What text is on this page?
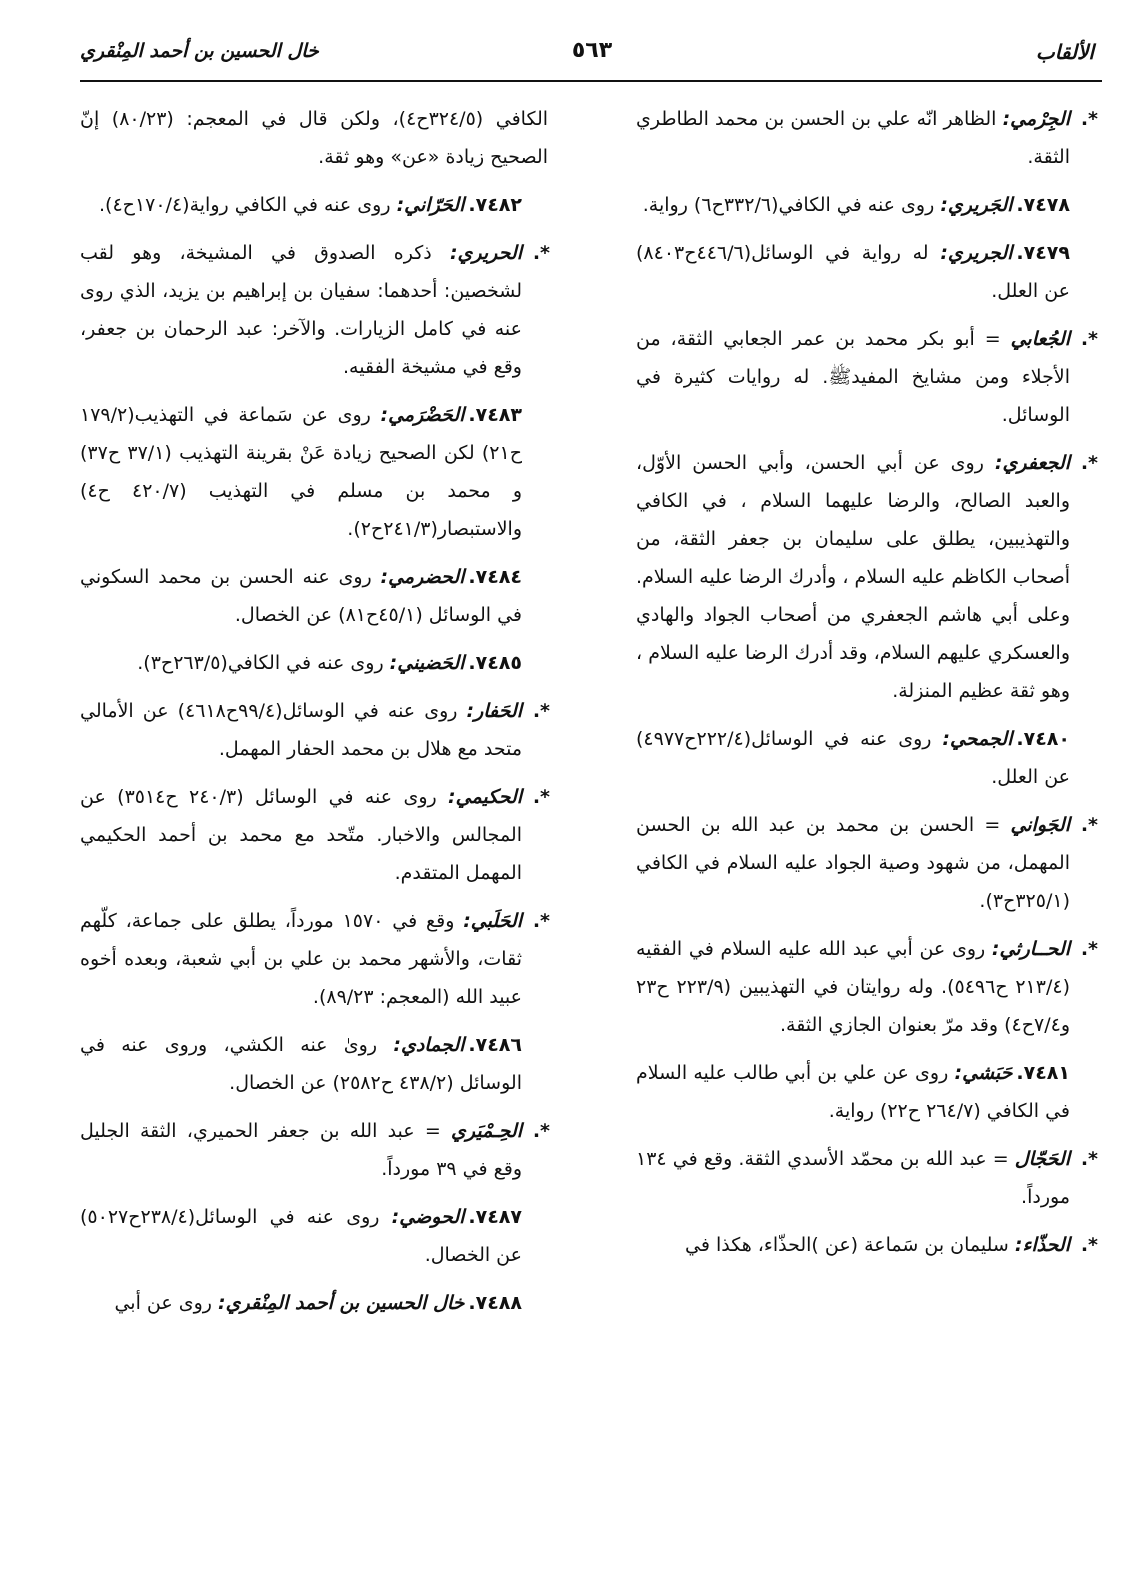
الألقاب
٥٦٣
خال الحسين بن أحمد المِنْقري
*.
الجِرْمي: الظاهر انّه علي بن الحسن بن محمد الطاطري الثقة.
٧٤٧٨.الجَريري: روى عنه في الكافي(٣٣٢/٦ح٦) رواية.
٧٤٧٩.الجريري: له رواية في الوسائل(٤٤٦/٦ح٨٤٠٣) عن العلل.
*.
الجُعابي = أبو بكر محمد بن عمر الجعابي الثقة، من الأجلاء ومن مشايخ المفيدﷺ. له روايات كثيرة في الوسائل.
*.
الجعفري: روى عن أبي الحسن، وأبي الحسن الأوّل، والعبد الصالح، والرضا عليهما السلام ، في الكافي والتهذيبين، يطلق على سليمان بن جعفر الثقة، من أصحاب الكاظم عليه السلام ، وأدرك الرضا عليه السلام. وعلى أبي هاشم الجعفري من أصحاب الجواد والهادي والعسكري عليهم السلام، وقد أدرك الرضا عليه السلام ، وهو ثقة عظيم المنزلة.
٧٤٨٠.الجمحي: روى عنه في الوسائل(٢٢٢/٤ح٤٩٧٧) عن العلل.
*.
الجَواني = الحسن بن محمد بن عبد الله بن الحسن المهمل، من شهود وصية الجواد عليه السلام في الكافي (٣٢٥/١ح٣).
*.
الحــارثي: روى عن أبي عبد الله عليه السلام في الفقيه (٢١٣/٤ ح٥٤٩٦). وله روايتان في التهذيبين (٢٢٣/٩ ح٢٣ و٧/٤ح٤) وقد مرّ بعنوان الجازي الثقة.
٧٤٨١.حَبَشي: روى عن علي بن أبي طالب عليه السلام في الكافي (٢٦٤/٧ ح٢٢) رواية.
*.
الحَجّال = عبد الله بن محمّد الأسدي الثقة. وقع في ١٣٤ مورداً.
*.
الحذّاء: سليمان بن سَماعة (عن )الحذّاء، هكذا في
الكافي (٣٢٤/٥ح٤)، ولكن قال في المعجم: (٨٠/٢٣) إنّ الصحيح زيادة «عن» وهو ثقة.
٧٤٨٢.الحَرّاني: روى عنه في الكافي رواية(١٧٠/٤ح٤).
*.
الحريري: ذكره الصدوق في المشيخة، وهو لقب لشخصين: أحدهما: سفيان بن إبراهيم بن يزيد، الذي روى عنه في كامل الزيارات. والآخر: عبد الرحمان بن جعفر، وقع في مشيخة الفقيه.
٧٤٨٣.الحَضْرَمي: روى عن سَماعة في التهذيب(١٧٩/٢ ح٢١) لكن الصحيح زيادة عَنْ بقرينة التهذيب (٣٧/١ ح٣٧) و محمد بن مسلم في التهذيب (٤٢٠/٧ ح٤) والاستبصار(٢٤١/٣ح٢).
٧٤٨٤.الحضرمي: روى عنه الحسن بن محمد السكوني في الوسائل (٤٥/١ح٨١) عن الخصال.
٧٤٨٥.الحَضيني: روى عنه في الكافي(٢٦٣/٥ح٣).
*.
الحَفار: روى عنه في الوسائل(٩٩/٤ح٤٦١٨) عن الأمالي متحد مع هلال بن محمد الحفار المهمل.
*.
الحكيمي: روى عنه في الوسائل (٢٤٠/٣ ح٣٥١٤) عن المجالس والاخبار. متّحد مع محمد بن أحمد الحكيمي المهمل المتقدم.
*.
الحَلَبي: وقع في ١٥٧٠ مورداً، يطلق على جماعة، كلّهم ثقات، والأشهر محمد بن علي بن أبي شعبة، وبعده أخوه عبيد الله (المعجم: ٨٩/٢٣).
٧٤٨٦.الجمادي: روىٰ عنه الكشي، وروى عنه في الوسائل (٤٣٨/٢ ح٢٥٨٢) عن الخصال.
*.
الحِـمْيَري = عبد الله بن جعفر الحميري، الثقة الجليل وقع في ٣٩ مورداً.
٧٤٨٧.الحوضي: روى عنه في الوسائل(٢٣٨/٤ح٥٠٢٧) عن الخصال.
٧٤٨٨.خال الحسين بن أحمد المِنْقري: روى عن أبي
